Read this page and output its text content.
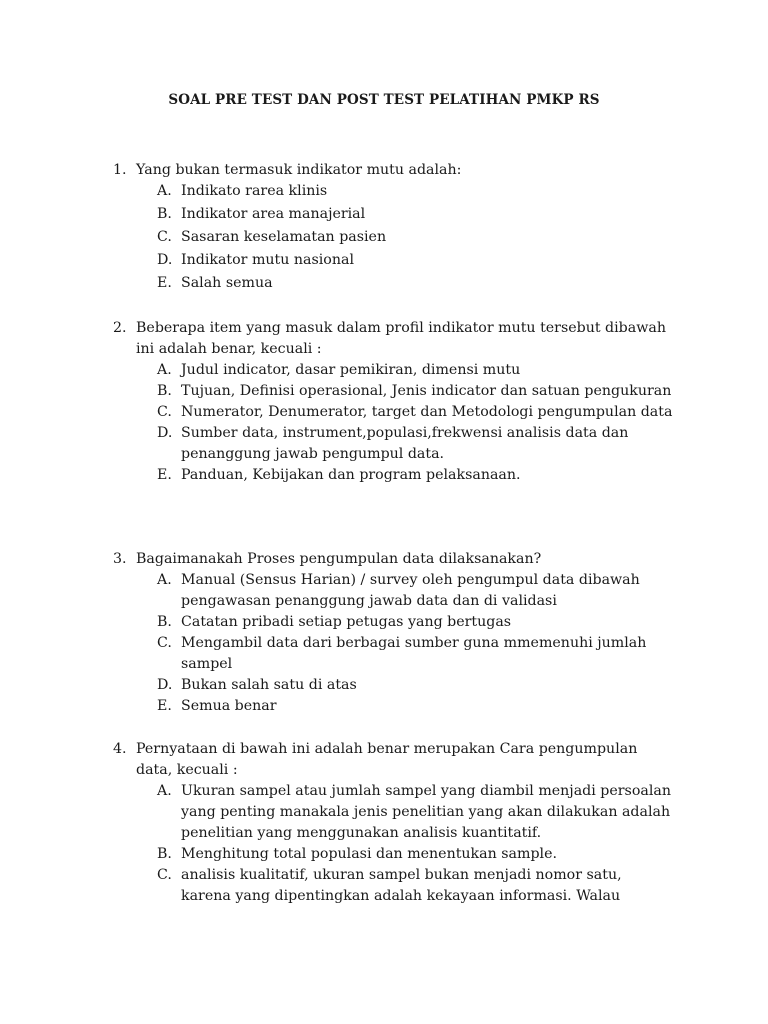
SOAL PRE TEST DAN POST TEST PELATIHAN PMKP RS
1. Yang bukan termasuk indikator mutu adalah:
A. Indikato rarea klinis
B. Indikator area manajerial
C. Sasaran keselamatan pasien
D. Indikator mutu nasional
E. Salah semua
2. Beberapa item yang masuk dalam profil indikator mutu tersebut dibawah ini adalah benar, kecuali :
A. Judul indicator, dasar pemikiran, dimensi mutu
B. Tujuan, Definisi operasional, Jenis indicator dan satuan pengukuran
C. Numerator, Denumerator, target dan Metodologi pengumpulan data
D. Sumber data, instrument,populasi,frekwensi analisis data dan penanggung jawab pengumpul data.
E. Panduan, Kebijakan dan program pelaksanaan.
3. Bagaimanakah Proses pengumpulan data dilaksanakan?
A. Manual (Sensus Harian) / survey oleh pengumpul data dibawah pengawasan penanggung jawab data dan di validasi
B. Catatan pribadi setiap petugas yang bertugas
C. Mengambil data dari berbagai sumber guna mmemenuhi jumlah sampel
D. Bukan salah satu di atas
E. Semua benar
4. Pernyataan di bawah ini adalah benar merupakan Cara pengumpulan data, kecuali :
A. Ukuran sampel atau jumlah sampel yang diambil menjadi persoalan yang penting manakala jenis penelitian yang akan dilakukan adalah penelitian yang menggunakan analisis kuantitatif.
B. Menghitung total populasi dan menentukan sample.
C. analisis kualitatif, ukuran sampel bukan menjadi nomor satu, karena yang dipentingkan adalah kekayaan informasi. Walau
